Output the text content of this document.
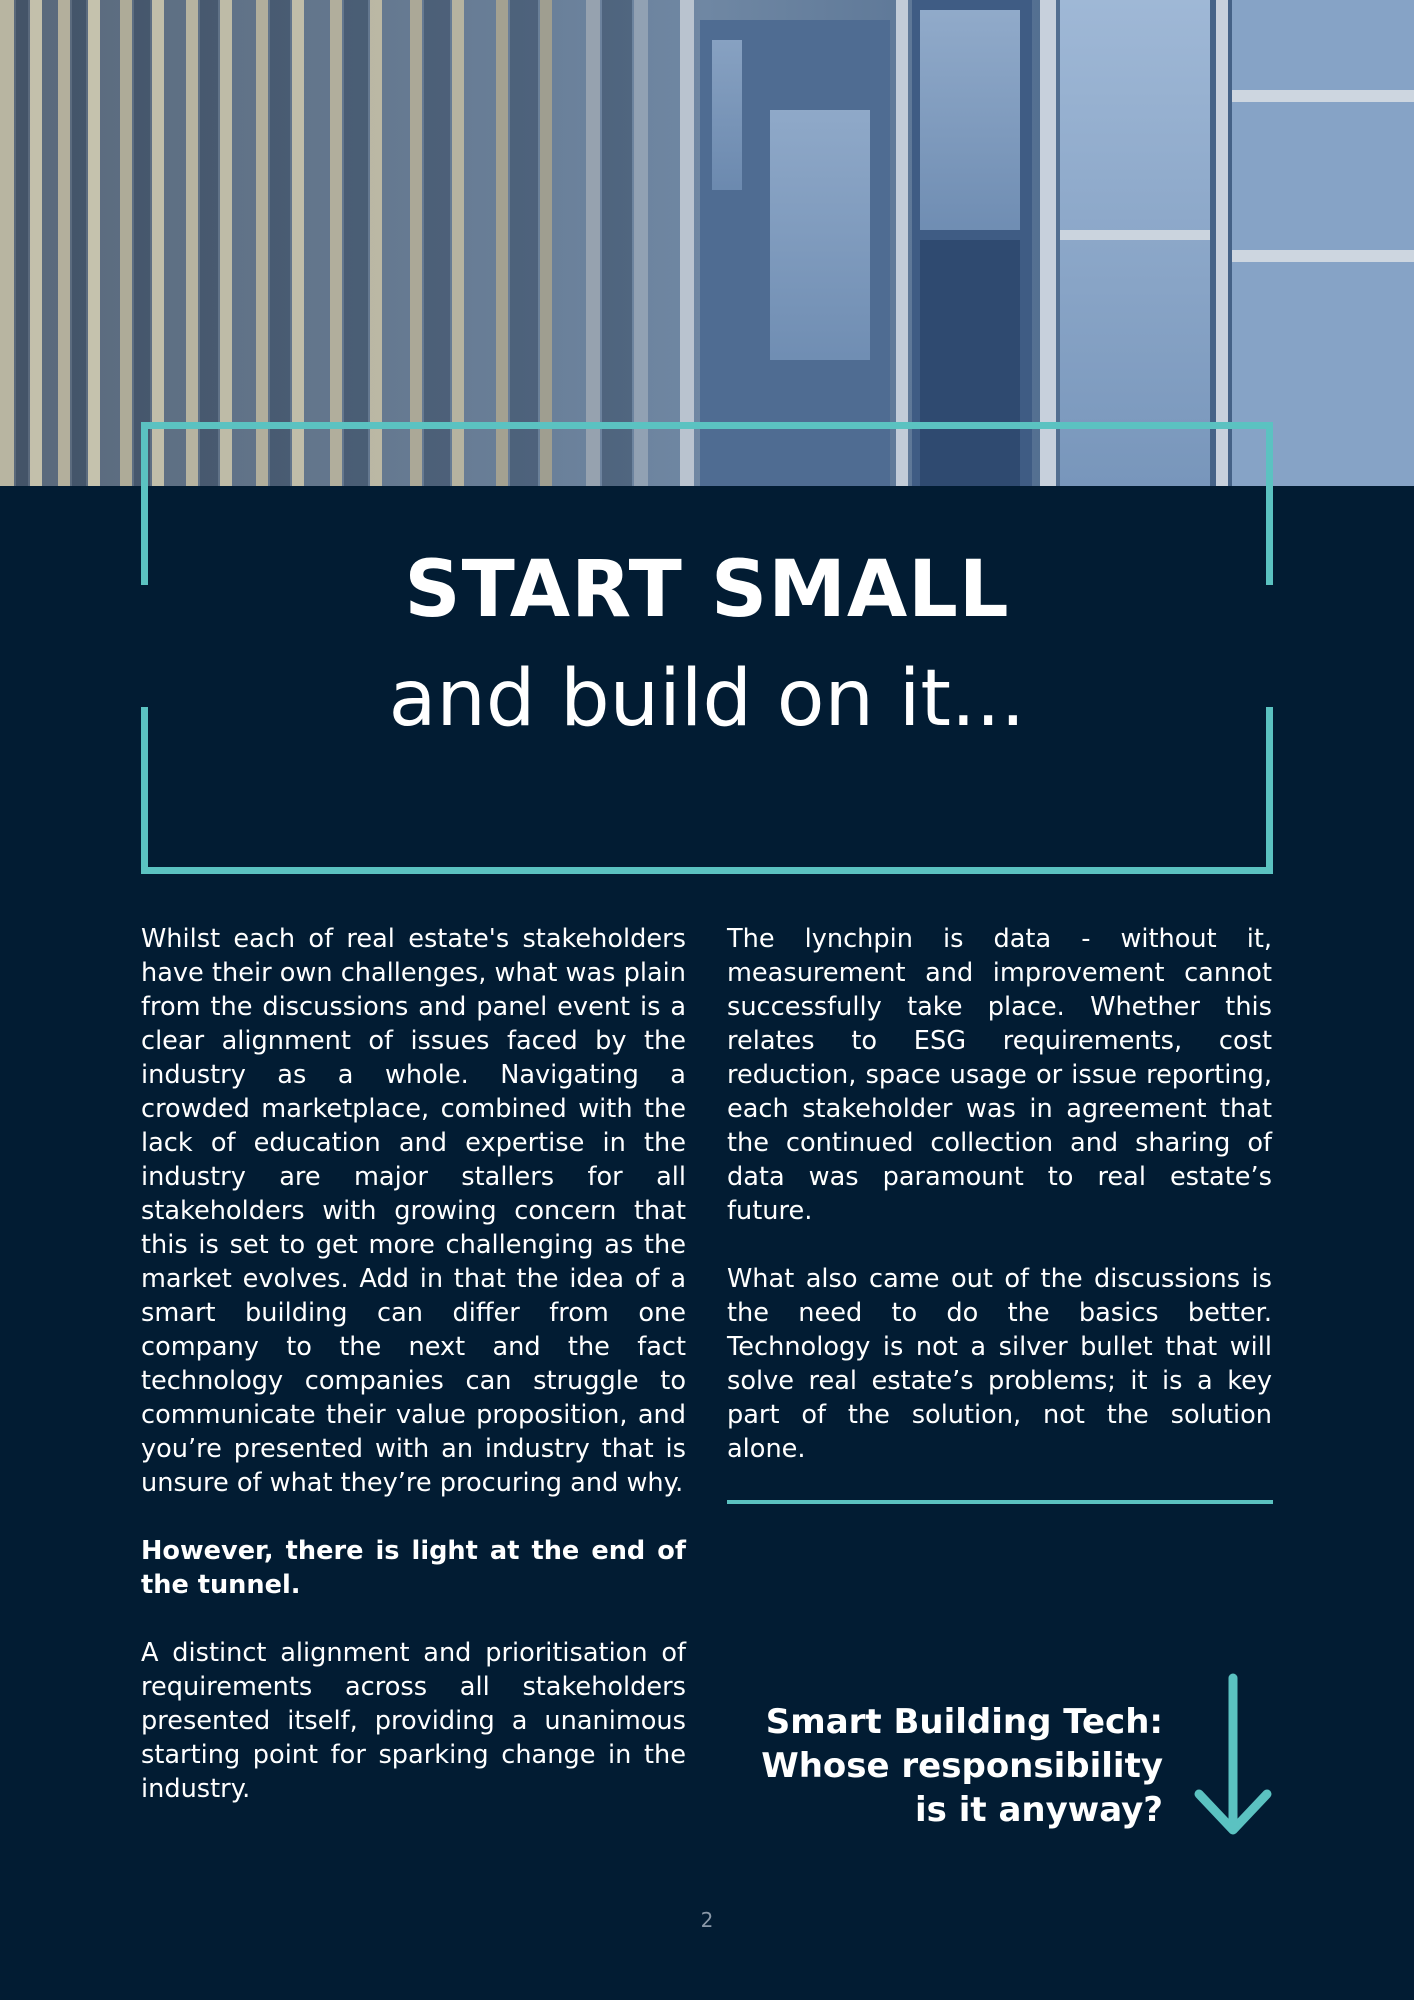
START SMALL
and build on it...

Whilst each of real estate's stakeholders have their own challenges, what was plain from the discussions and panel event is a clear alignment of issues faced by the industry as a whole. Navigating a crowded marketplace, combined with the lack of education and expertise in the industry are major stallers for all stakeholders with growing concern that this is set to get more challenging as the market evolves. Add in that the idea of a smart building can differ from one company to the next and the fact technology companies can struggle to communicate their value proposition, and you’re presented with an industry that is unsure of what they’re procuring and why.

However, there is light at the end of the tunnel.

A distinct alignment and prioritisation of requirements across all stakeholders presented itself, providing a unanimous starting point for sparking change in the industry.

The lynchpin is data - without it, measurement and improvement cannot successfully take place. Whether this relates to ESG requirements, cost reduction, space usage or issue reporting, each stakeholder was in agreement that the continued collection and sharing of data was paramount to real estate’s future.

What also came out of the discussions is the need to do the basics better. Technology is not a silver bullet that will solve real estate’s problems; it is a key part of the solution, not the solution alone.

Smart Building Tech:
Whose responsibility
is it anyway?
2
